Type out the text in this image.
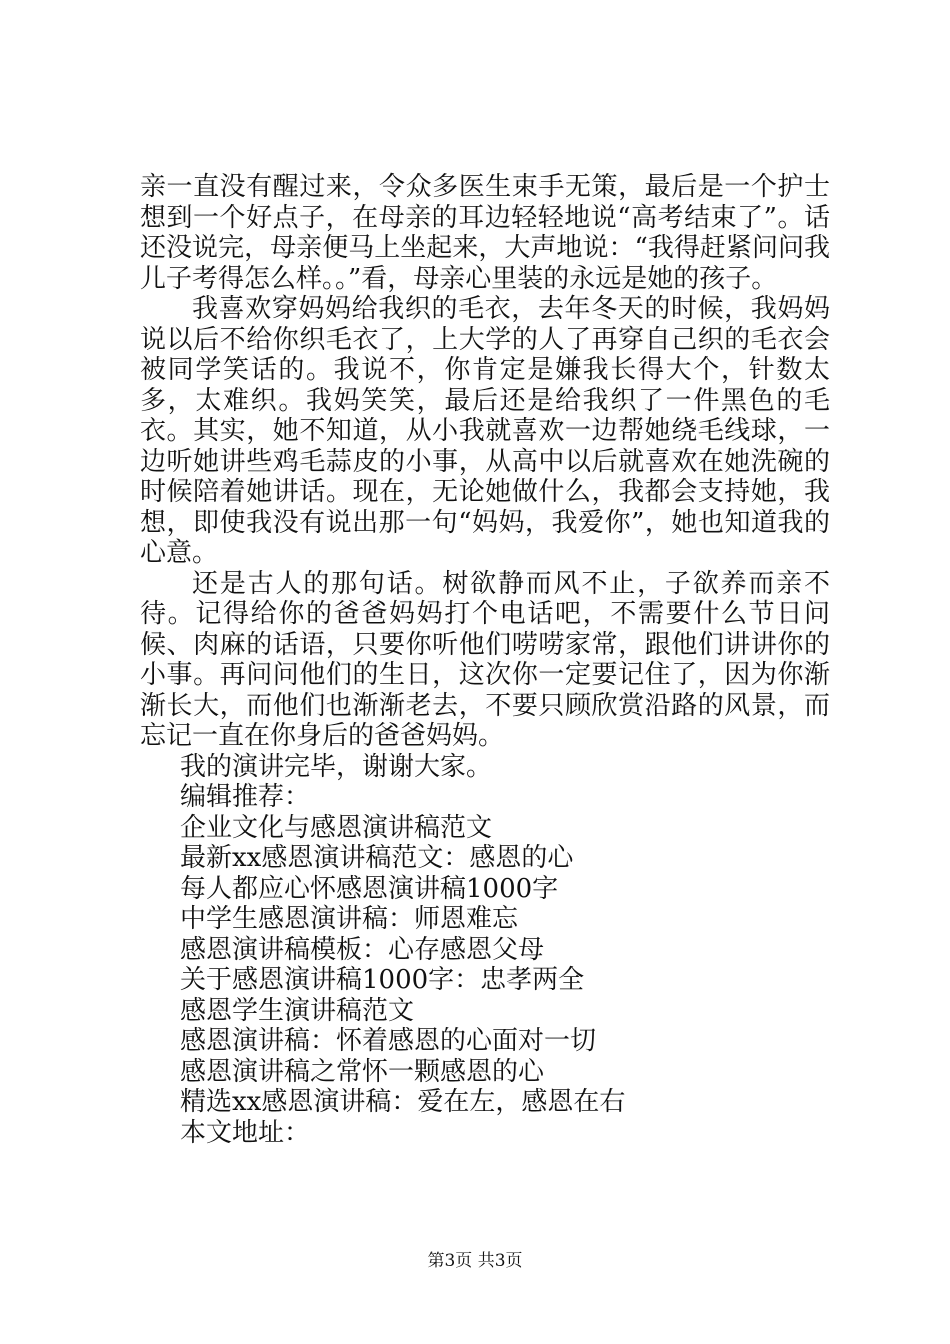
亲一直没有醒过来，令众多医生束手无策，最后是一个护士想到一个好点子，在母亲的耳边轻轻地说“高考结束了”。话还没说完，母亲便马上坐起来，大声地说：“我得赶紧问问我儿子考得怎么样。。”看，母亲心里装的永远是她的孩子。

我喜欢穿妈妈给我织的毛衣，去年冬天的时候，我妈妈说以后不给你织毛衣了，上大学的人了再穿自己织的毛衣会被同学笑话的。我说不，你肯定是嫌我长得大个，针数太多，太难织。我妈笑笑，最后还是给我织了一件黑色的毛衣。其实，她不知道，从小我就喜欢一边帮她绕毛线球，一边听她讲些鸡毛蒜皮的小事，从高中以后就喜欢在她洗碗的时候陪着她讲话。现在，无论她做什么，我都会支持她，我想，即使我没有说出那一句“妈妈，我爱你”，她也知道我的心意。

还是古人的那句话。树欲静而风不止，子欲养而亲不待。记得给你的爸爸妈妈打个电话吧，不需要什么节日问候、肉麻的话语，只要你听他们唠唠家常，跟他们讲讲你的小事。再问问他们的生日，这次你一定要记住了，因为你渐渐长大，而他们也渐渐老去，不要只顾欣赏沿路的风景，而忘记一直在你身后的爸爸妈妈。

我的演讲完毕，谢谢大家。

编辑推荐：

企业文化与感恩演讲稿范文
最新xx感恩演讲稿范文：感恩的心
每人都应心怀感恩演讲稿1000字
中学生感恩演讲稿：师恩难忘
感恩演讲稿模板：心存感恩父母
关于感恩演讲稿1000字：忠孝两全
感恩学生演讲稿范文
感恩演讲稿：怀着感恩的心面对一切
感恩演讲稿之常怀一颗感恩的心
精选xx感恩演讲稿：爱在左，感恩在右

本文地址：

第3页 共3页
